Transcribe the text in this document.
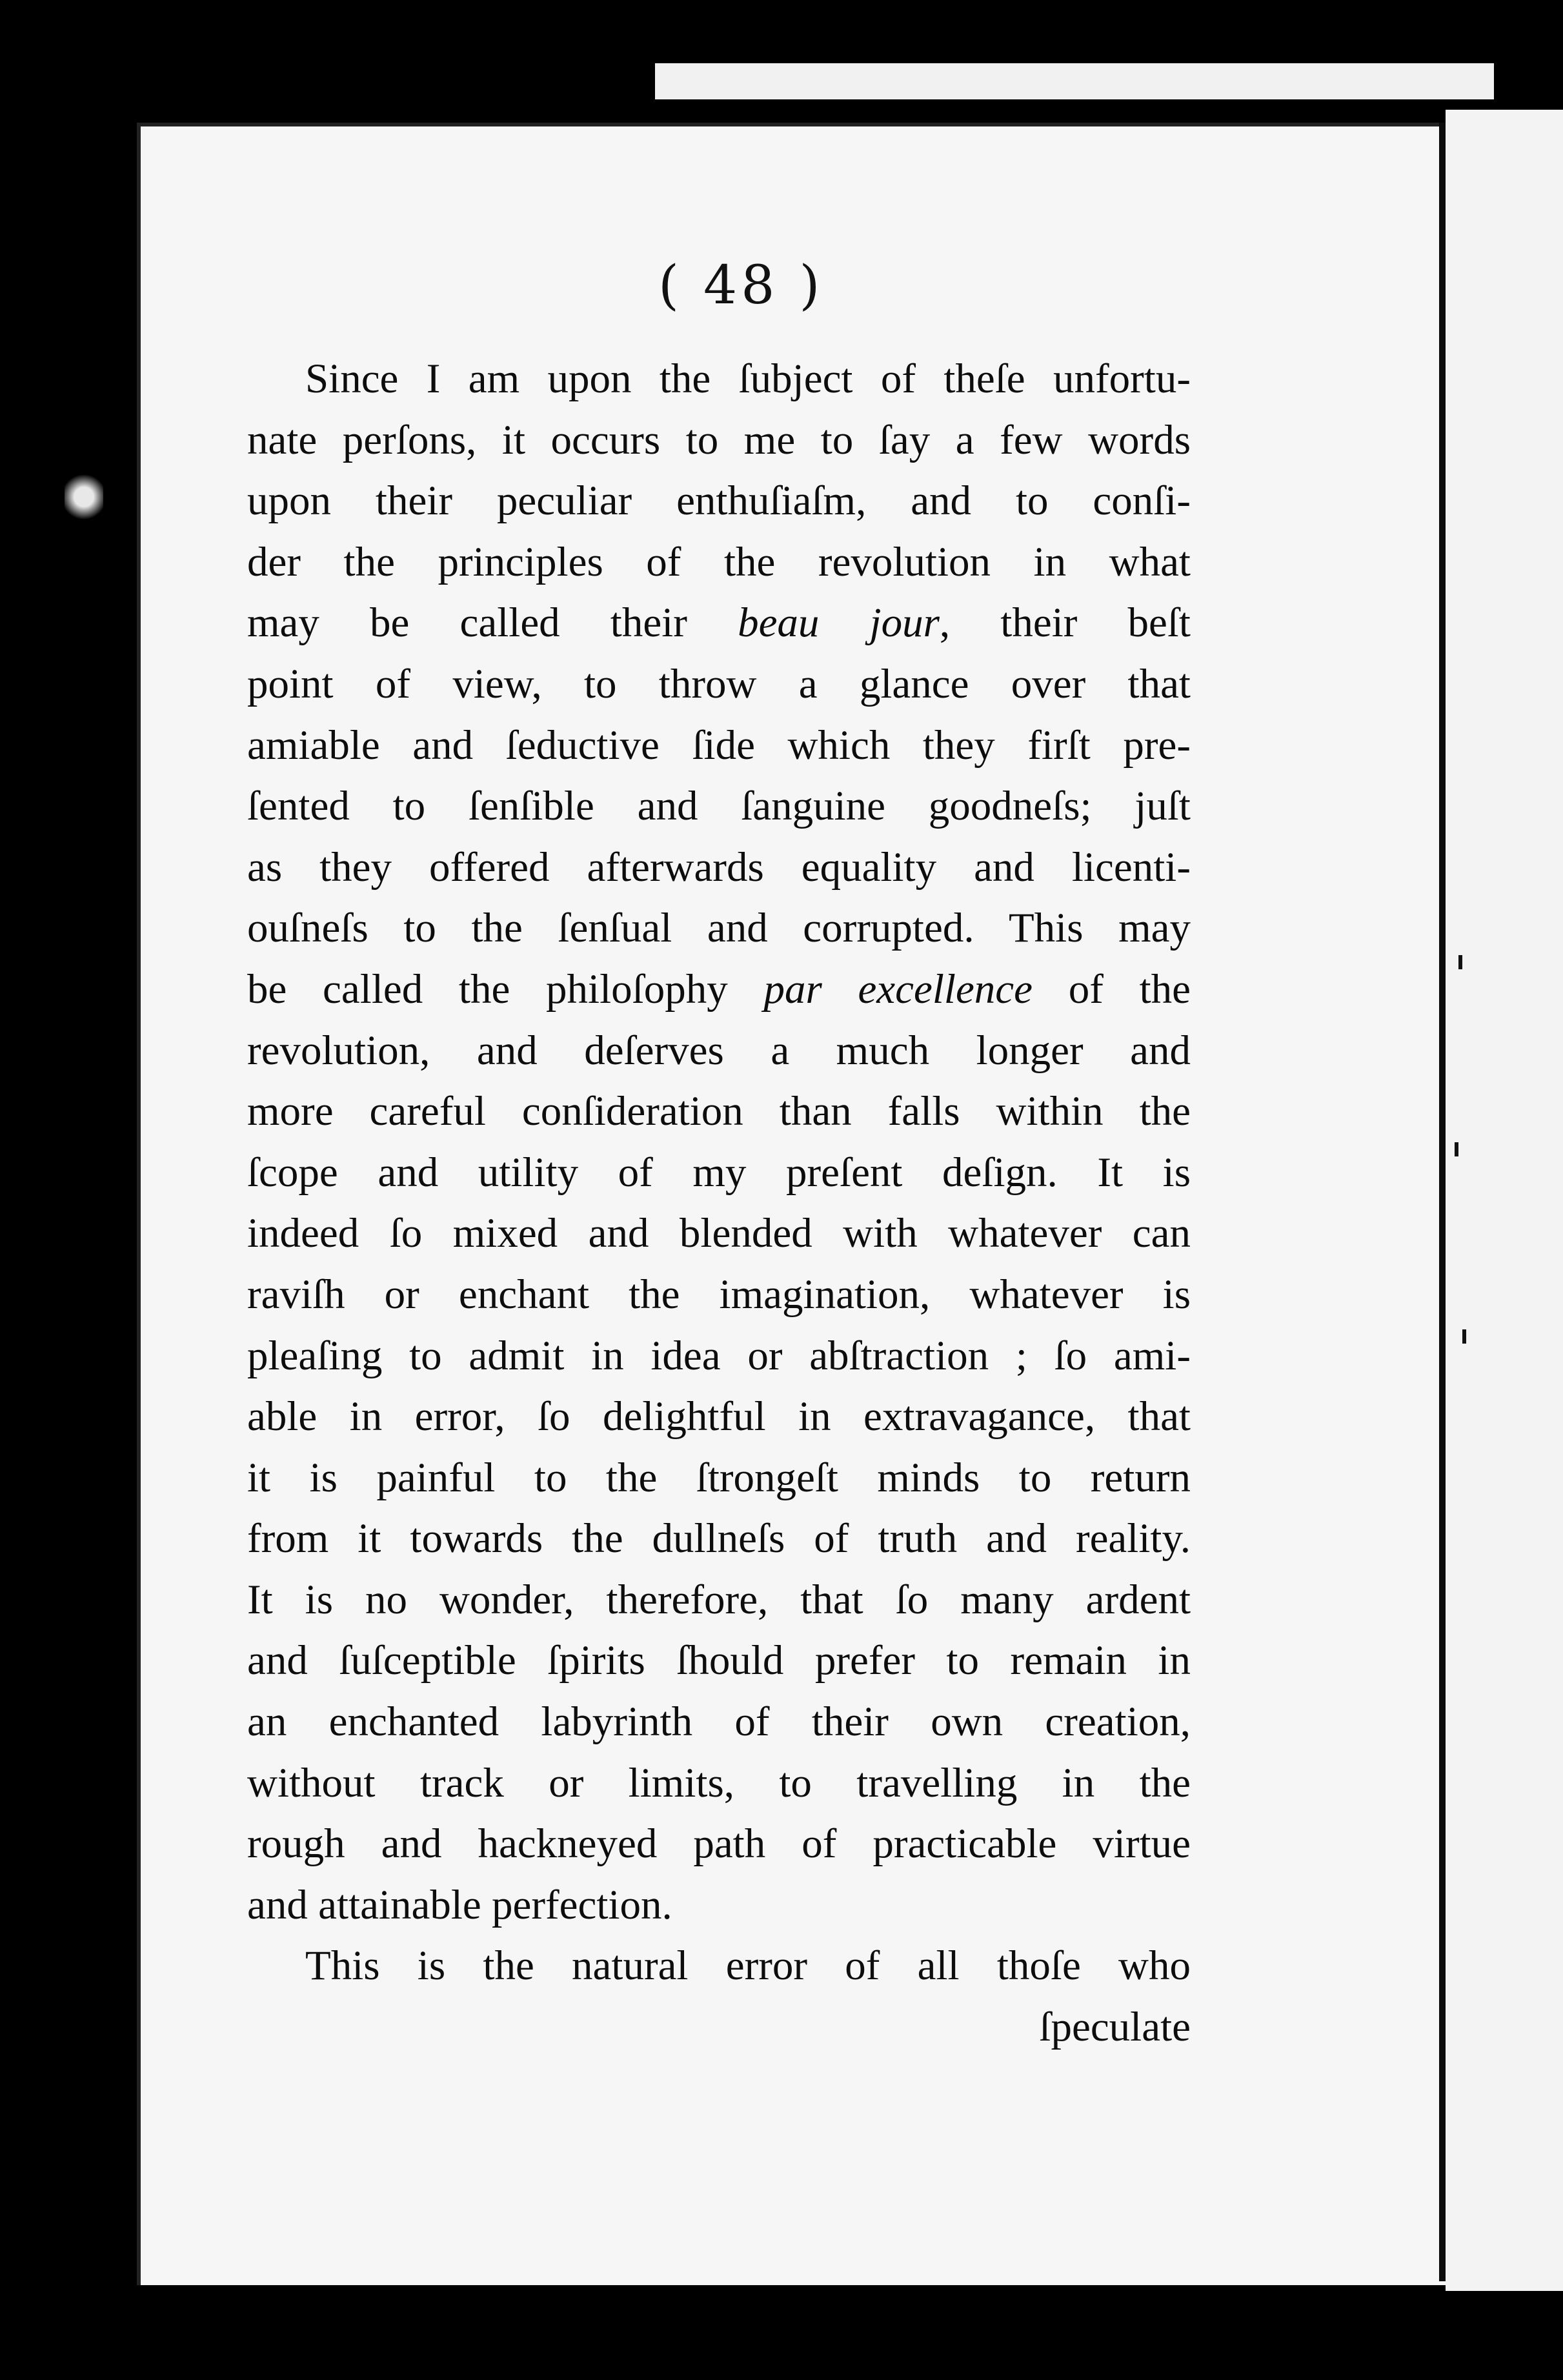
( 48 )
Since I am upon the ſubject of theſe unfortu-
nate perſons, it occurs to me to ſay a few words
upon their peculiar enthuſiaſm, and to conſi-
der the principles of the revolution in what
may be called their beau jour, their beſt
point of view, to throw a glance over that
amiable and ſeductive ſide which they firſt pre-
ſented to ſenſible and ſanguine goodneſs; juſt
as they offered afterwards equality and licenti-
ouſneſs to the ſenſual and corrupted. This may
be called the philoſophy par excellence of the
revolution, and deſerves a much longer and
more careful conſideration than falls within the
ſcope and utility of my preſent deſign. It is
indeed ſo mixed and blended with whatever can
raviſh or enchant the imagination, whatever is
pleaſing to admit in idea or abſtraction ; ſo ami-
able in error, ſo delightful in extravagance, that
it is painful to the ſtrongeſt minds to return
from it towards the dullneſs of truth and reality.
It is no wonder, therefore, that ſo many ardent
and ſuſceptible ſpirits ſhould prefer to remain in
an enchanted labyrinth of their own creation,
without track or limits, to travelling in the
rough and hackneyed path of practicable virtue
and attainable perfection.
This is the natural error of all thoſe who
ſpeculate
